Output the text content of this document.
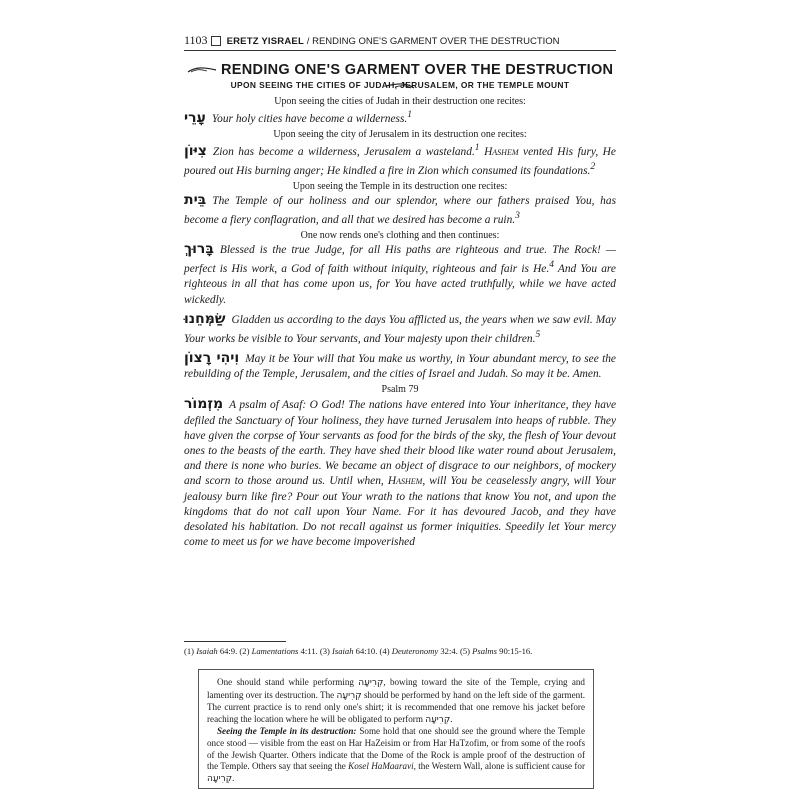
1103 ERETZ YISRAEL / RENDING ONE'S GARMENT OVER THE DESTRUCTION
RENDING ONE'S GARMENT OVER THE DESTRUCTION
UPON SEEING THE CITIES OF JUDAH, JERUSALEM, OR THE TEMPLE MOUNT
Upon seeing the cities of Judah in their destruction one recites:

עָרֵי Your holy cities have become a wilderness.$^1$

Upon seeing the city of Jerusalem in its destruction one recites:

צִיּוֹן Zion has become a wilderness, Jerusalem a wasteland.$^1$ Hashem vented His fury, He poured out His burning anger; He kindled a fire in Zion which consumed its foundations.$^2$

Upon seeing the Temple in its destruction one recites:

בֵּית The Temple of our holiness and our splendor, where our fathers praised You, has become a fiery conflagration, and all that we desired has become a ruin.$^3$

One now rends one's clothing and then continues:

בָּרוּךְ Blessed is the true Judge, for all His paths are righteous and true. The Rock! — perfect is His work, a God of faith without iniquity, righteous and fair is He.$^4$ And You are righteous in all that has come upon us, for You have acted truthfully, while we have acted wickedly.

שַׂמְּחֵנוּ Gladden us according to the days You afflicted us, the years when we saw evil. May Your works be visible to Your servants, and Your majesty upon their children.$^5$

וִיהִי רָצוֹן May it be Your will that You make us worthy, in Your abundant mercy, to see the rebuilding of the Temple, Jerusalem, and the cities of Israel and Judah. So may it be. Amen.

Psalm 79

מִזְמוֹר A psalm of Asaf: O God! The nations have entered into Your inheritance, they have defiled the Sanctuary of Your holiness, they have turned Jerusalem into heaps of rubble. They have given the corpse of Your servants as food for the birds of the sky, the flesh of Your devout ones to the beasts of the earth. They have shed their blood like water round about Jerusalem, and there is none who buries. We became an object of disgrace to our neighbors, of mockery and scorn to those around us. Until when, Hashem, will You be ceaselessly angry, will Your jealousy burn like fire? Pour out Your wrath to the nations that know You not, and upon the kingdoms that do not call upon Your Name. For it has devoured Jacob, and they have desolated his habitation. Do not recall against us former iniquities. Speedily let Your mercy come to meet us for we have become impoverished

(1) Isaiah 64:9. (2) Lamentations 4:11. (3) Isaiah 64:10. (4) Deuteronomy 32:4. (5) Psalms 90:15-16.

One should stand while performing קְרִיעָה, bowing toward the site of the Temple, crying and lamenting over its destruction. The קְרִיעָה should be performed by hand on the left side of the garment. The current practice is to rend only one's shirt; it is recommended that one remove his jacket before reaching the location where he will be obligated to perform קְרִיעָה.

Seeing the Temple in its destruction: Some hold that one should see the ground where the Temple once stood — visible from the east on Har HaZeisim or from Har HaTzofim, or from some of the roofs of the Jewish Quarter. Others indicate that the Dome of the Rock is ample proof of the destruction of the Temple. Others say that seeing the Kosel HaMaaravi, the Western Wall, alone is sufficient cause for קְרִיעָה.
